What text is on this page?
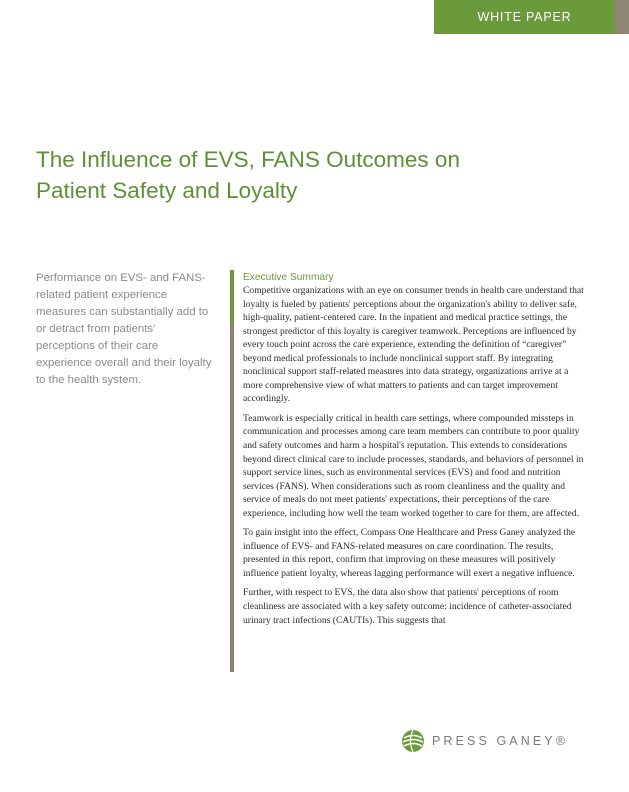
WHITE PAPER
The Influence of EVS, FANS Outcomes on Patient Safety and Loyalty

Performance on EVS- and FANS-related patient experience measures can substantially add to or detract from patients' perceptions of their care experience overall and their loyalty to the health system.

Executive Summary

Competitive organizations with an eye on consumer trends in health care understand that loyalty is fueled by patients' perceptions about the organization's ability to deliver safe, high-quality, patient-centered care. In the inpatient and medical practice settings, the strongest predictor of this loyalty is caregiver teamwork. Perceptions are influenced by every touch point across the care experience, extending the definition of “caregiver” beyond medical professionals to include nonclinical support staff. By integrating nonclinical support staff-related measures into data strategy, organizations arrive at a more comprehensive view of what matters to patients and can target improvement accordingly.

Teamwork is especially critical in health care settings, where compounded missteps in communication and processes among care team members can contribute to poor quality and safety outcomes and harm a hospital's reputation. This extends to considerations beyond direct clinical care to include processes, standards, and behaviors of personnel in support service lines, such as environmental services (EVS) and food and nutrition services (FANS). When considerations such as room cleanliness and the quality and service of meals do not meet patients' expectations, their perceptions of the care experience, including how well the team worked together to care for them, are affected.

To gain insight into the effect, Compass One Healthcare and Press Ganey analyzed the influence of EVS- and FANS-related measures on care coordination. The results, presented in this report, confirm that improving on these measures will positively influence patient loyalty, whereas lagging performance will exert a negative influence.

Further, with respect to EVS, the data also show that patients' perceptions of room cleanliness are associated with a key safety outcome: incidence of catheter-associated urinary tract infections (CAUTIs). This suggests that

PRESS GANEY®
